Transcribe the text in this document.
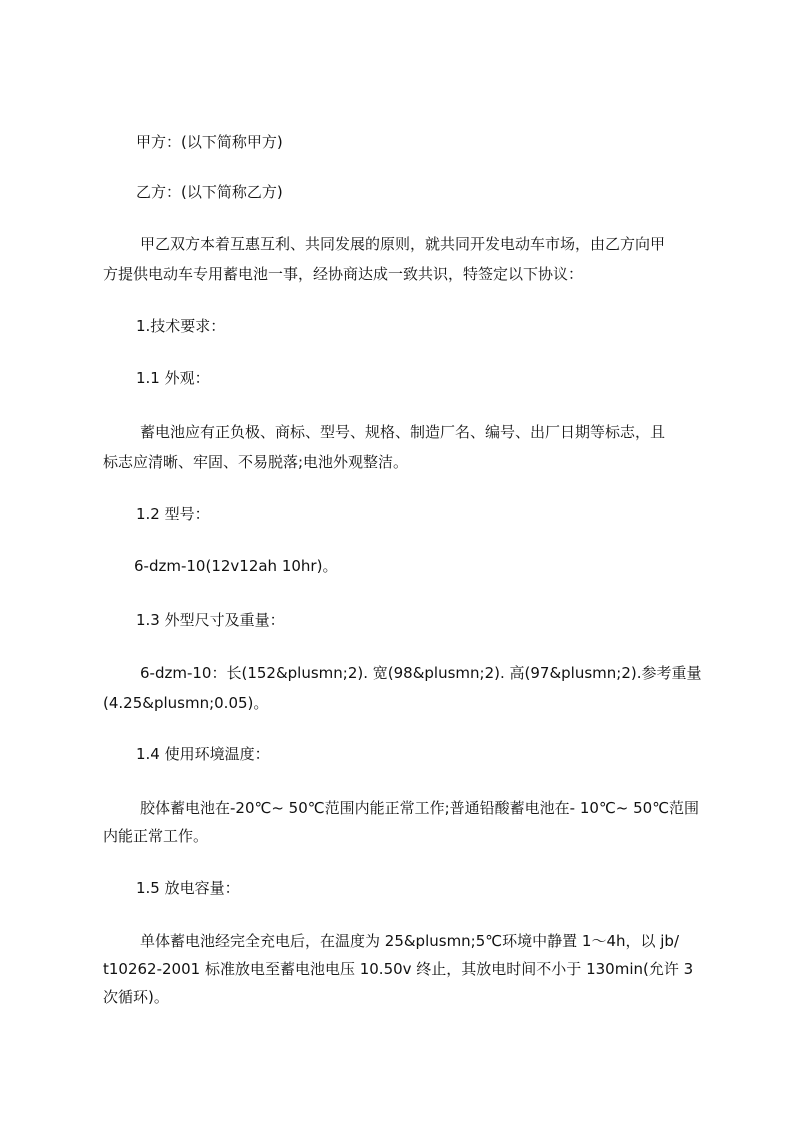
甲方：(以下简称甲方)
乙方：(以下简称乙方)
甲乙双方本着互惠互利、共同发展的原则，就共同开发电动车市场，由乙方向甲
方提供电动车专用蓄电池一事，经协商达成一致共识，特签定以下协议：
1.技术要求：
1.1 外观：
蓄电池应有正负极、商标、型号、规格、制造厂名、编号、出厂日期等标志，且
标志应清晰、牢固、不易脱落;电池外观整洁。
1.2 型号：
6-dzm-10(12v12ah 10hr)。
1.3 外型尺寸及重量：
6-dzm-10：长(152&plusmn;2). 宽(98&plusmn;2). 高(97&plusmn;2).参考重量
(4.25&plusmn;0.05)。
1.4 使用环境温度：
胶体蓄电池在-20℃~ 50℃范围内能正常工作;普通铅酸蓄电池在- 10℃~ 50℃范围
内能正常工作。
1.5 放电容量：
单体蓄电池经完全充电后，在温度为 25&plusmn;5℃环境中静置 1～4h，以 jb/
t10262-2001 标准放电至蓄电池电压 10.50v 终止，其放电时间不小于 130min(允许 3
次循环)。
